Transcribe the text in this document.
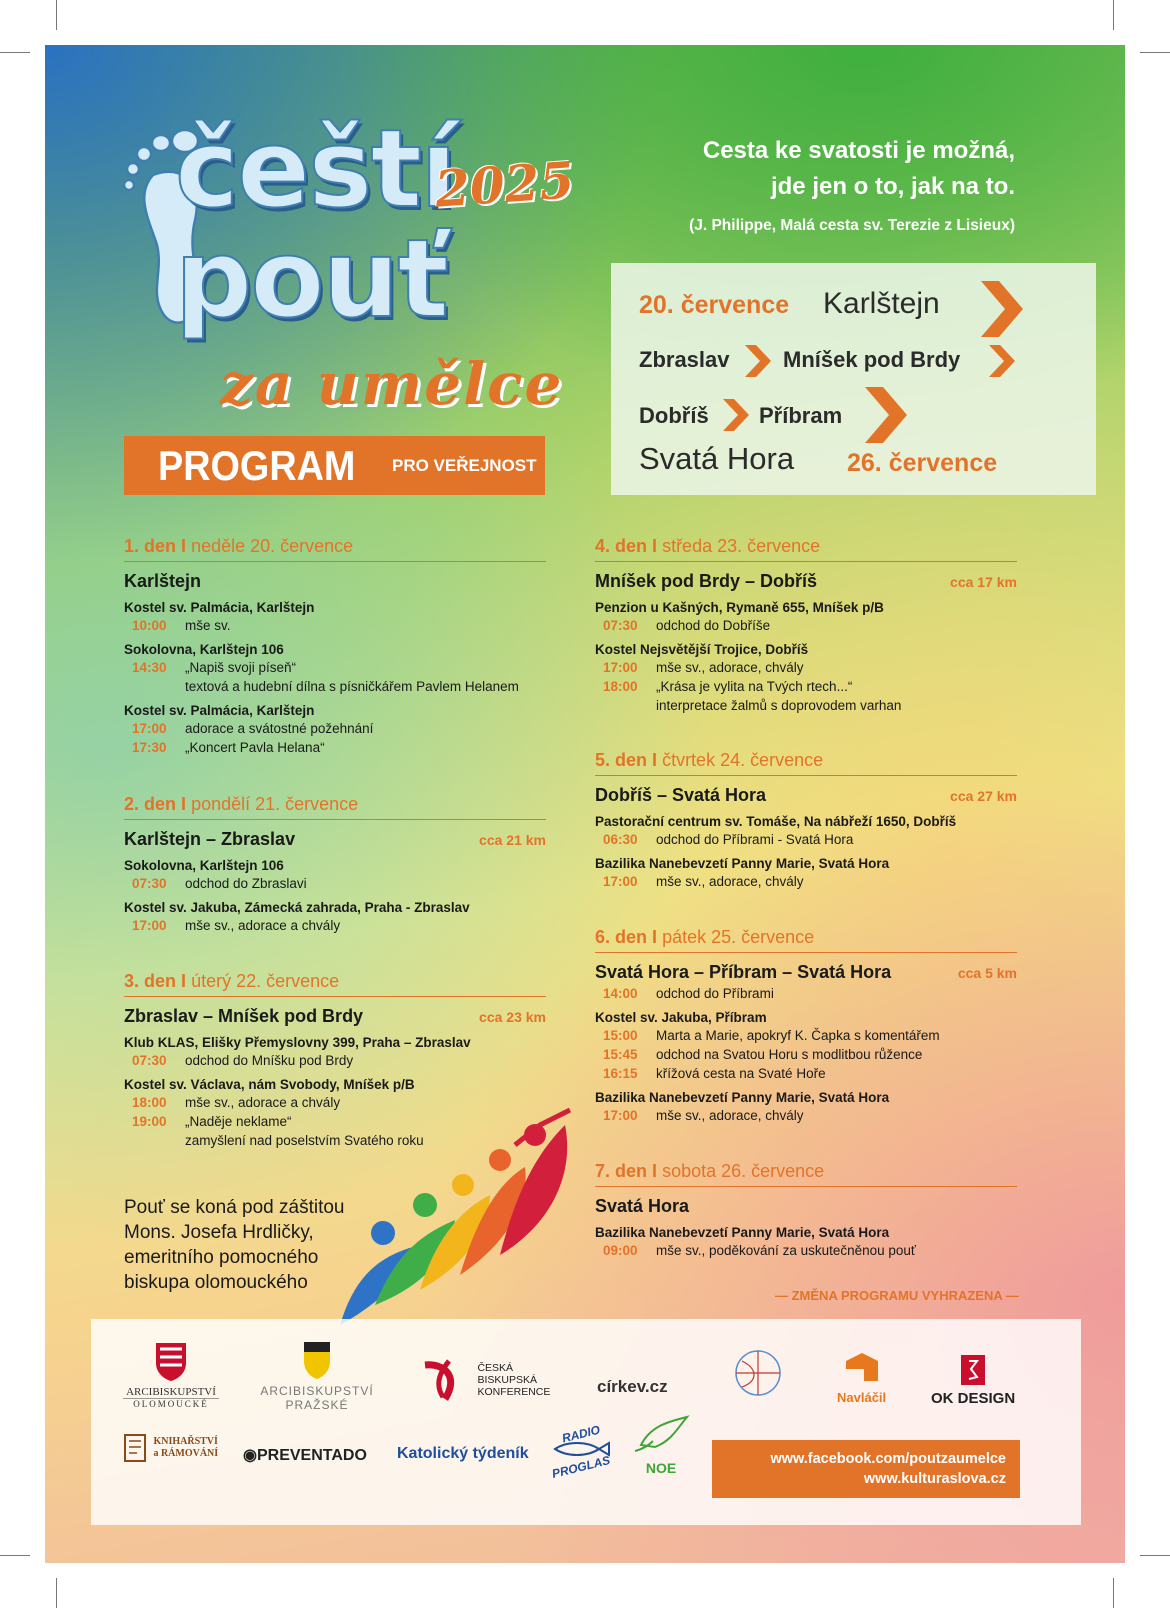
čeští
2025
pouť
za umělce
Cesta ke svatosti je možná,
jde jen o to, jak na to.
(J. Philippe, Malá cesta sv. Terezie z Lisieux)
20. července Karlštejn
Zbraslav Mníšek pod Brdy
Dobříš Příbram
Svatá Hora 26. července
PROGRAM PRO VEŘEJNOST
1. den I neděle 20. července
Karlštejn
Kostel sv. Palmácia, Karlštejn
10:00 mše sv.
Sokolovna, Karlštejn 106
14:30 „Napiš svoji píseň“
textová a hudební dílna s písničkářem Pavlem Helanem
Kostel sv. Palmácia, Karlštejn
17:00 adorace a svátostné požehnání
17:30 „Koncert Pavla Helana“
2. den I pondělí 21. července
Karlštejn – Zbraslav	cca 21 km
Sokolovna, Karlštejn 106
07:30 odchod do Zbraslavi
Kostel sv. Jakuba, Zámecká zahrada, Praha - Zbraslav
17:00 mše sv., adorace a chvály
3. den I úterý 22. července
Zbraslav – Mníšek pod Brdy	cca 23 km
Klub KLAS, Elišky Přemyslovny 399, Praha – Zbraslav
07:30 odchod do Mníšku pod Brdy
Kostel sv. Václava, nám Svobody, Mníšek p/B
18:00 mše sv., adorace a chvály
19:00 „Naděje neklame“
zamyšlení nad poselstvím Svatého roku
4. den I středa 23. července
Mníšek pod Brdy – Dobříš	cca 17 km
Penzion u Kašných, Rymaně 655, Mníšek p/B
07:30 odchod do Dobříše
Kostel Nejsvětější Trojice, Dobříš
17:00 mše sv., adorace, chvály
18:00 „Krása je vylita na Tvých rtech...“
interpretace žalmů s doprovodem varhan
5. den I čtvrtek 24. července
Dobříš – Svatá Hora	cca 27 km
Pastorační centrum sv. Tomáše, Na nábřeží 1650, Dobříš
06:30 odchod do Příbrami - Svatá Hora
Bazilika Nanebevzetí Panny Marie, Svatá Hora
17:00 mše sv., adorace, chvály
6. den I pátek 25. července
Svatá Hora – Příbram – Svatá Hora	cca 5 km
14:00 odchod do Příbrami
Kostel sv. Jakuba, Příbram
15:00 Marta a Marie, apokryf K. Čapka s komentářem
15:45 odchod na Svatou Horu s modlitbou růžence
16:15 křížová cesta na Svaté Hoře
Bazilika Nanebevzetí Panny Marie, Svatá Hora
17:00 mše sv., adorace, chvály
7. den I sobota 26. července
Svatá Hora
Bazilika Nanebevzetí Panny Marie, Svatá Hora
09:00 mše sv., poděkování za uskutečněnou pouť
Pouť se koná pod záštitou
Mons. Josefa Hrdličky,
emeritního pomocného
biskupa olomouckého
— ZMĚNA PROGRAMU VYHRAZENA —
ARCIBISKUPSTVÍ
OLOMOUCKÉ
ARCIBISKUPSTVÍ
PRAŽSKÉ

ČESKÁ
BISKUPSKÁ
KONFERENCE	církev.cz
Navláčil	OK DESIGN

KNIHAŘSTVÍ
a RÁMOVÁNÍ ◉PREVENTADO Katolický týdeník
RADIO
PROGLAS	NOE
www.facebook.com/poutzaumelce
www.kulturaslova.cz
